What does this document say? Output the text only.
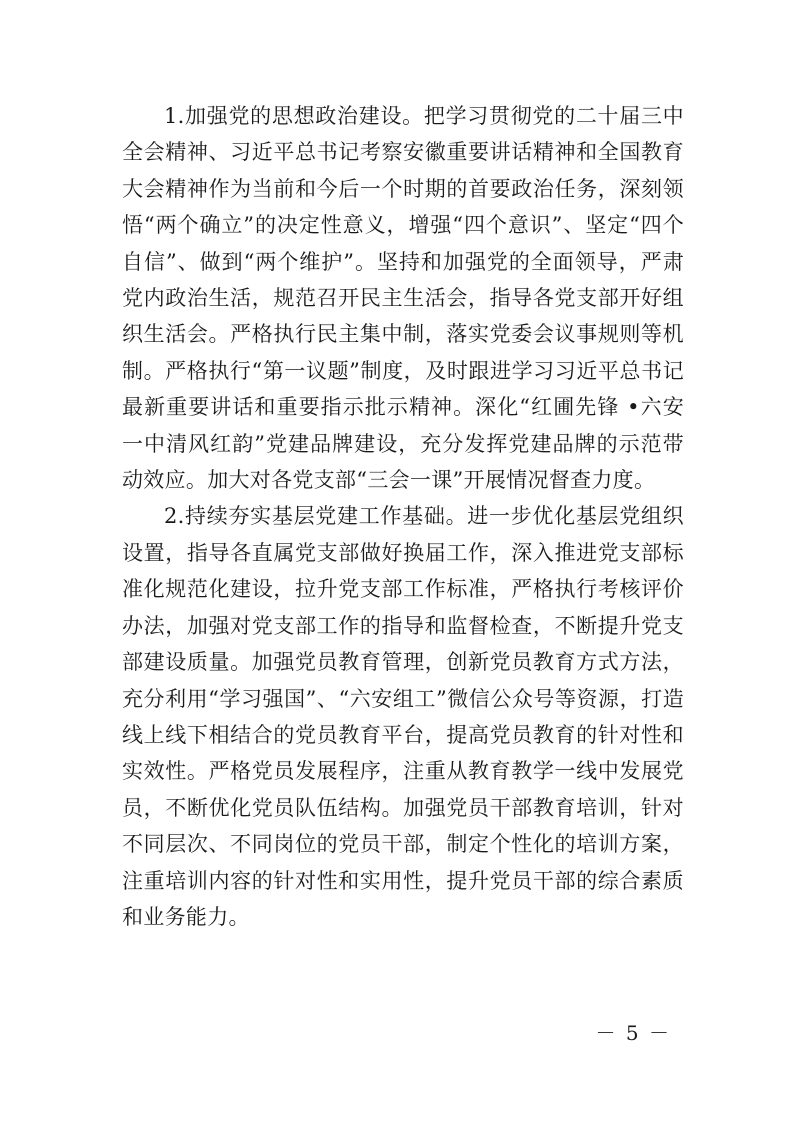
1.加强党的思想政治建设。把学习贯彻党的二十届三中全会精神、习近平总书记考察安徽重要讲话精神和全国教育大会精神作为当前和今后一个时期的首要政治任务，深刻领悟“两个确立”的决定性意义，增强“四个意识”、坚定“四个自信”、做到“两个维护”。坚持和加强党的全面领导，严肃党内政治生活，规范召开民主生活会，指导各党支部开好组织生活会。严格执行民主集中制，落实党委会议事规则等机制。严格执行“第一议题”制度，及时跟进学习习近平总书记最新重要讲话和重要指示批示精神。深化“红圃先锋 •六安一中清风红韵”党建品牌建设，充分发挥党建品牌的示范带动效应。加大对各党支部“三会一课”开展情况督查力度。

2.持续夯实基层党建工作基础。进一步优化基层党组织设置，指导各直属党支部做好换届工作，深入推进党支部标准化规范化建设，拉升党支部工作标准，严格执行考核评价办法，加强对党支部工作的指导和监督检查，不断提升党支部建设质量。加强党员教育管理，创新党员教育方式方法，充分利用“学习强国”、“六安组工”微信公众号等资源，打造线上线下相结合的党员教育平台，提高党员教育的针对性和实效性。严格党员发展程序，注重从教育教学一线中发展党员，不断优化党员队伍结构。加强党员干部教育培训，针对不同层次、不同岗位的党员干部，制定个性化的培训方案，注重培训内容的针对性和实用性，提升党员干部的综合素质和业务能力。

－ 5 －
